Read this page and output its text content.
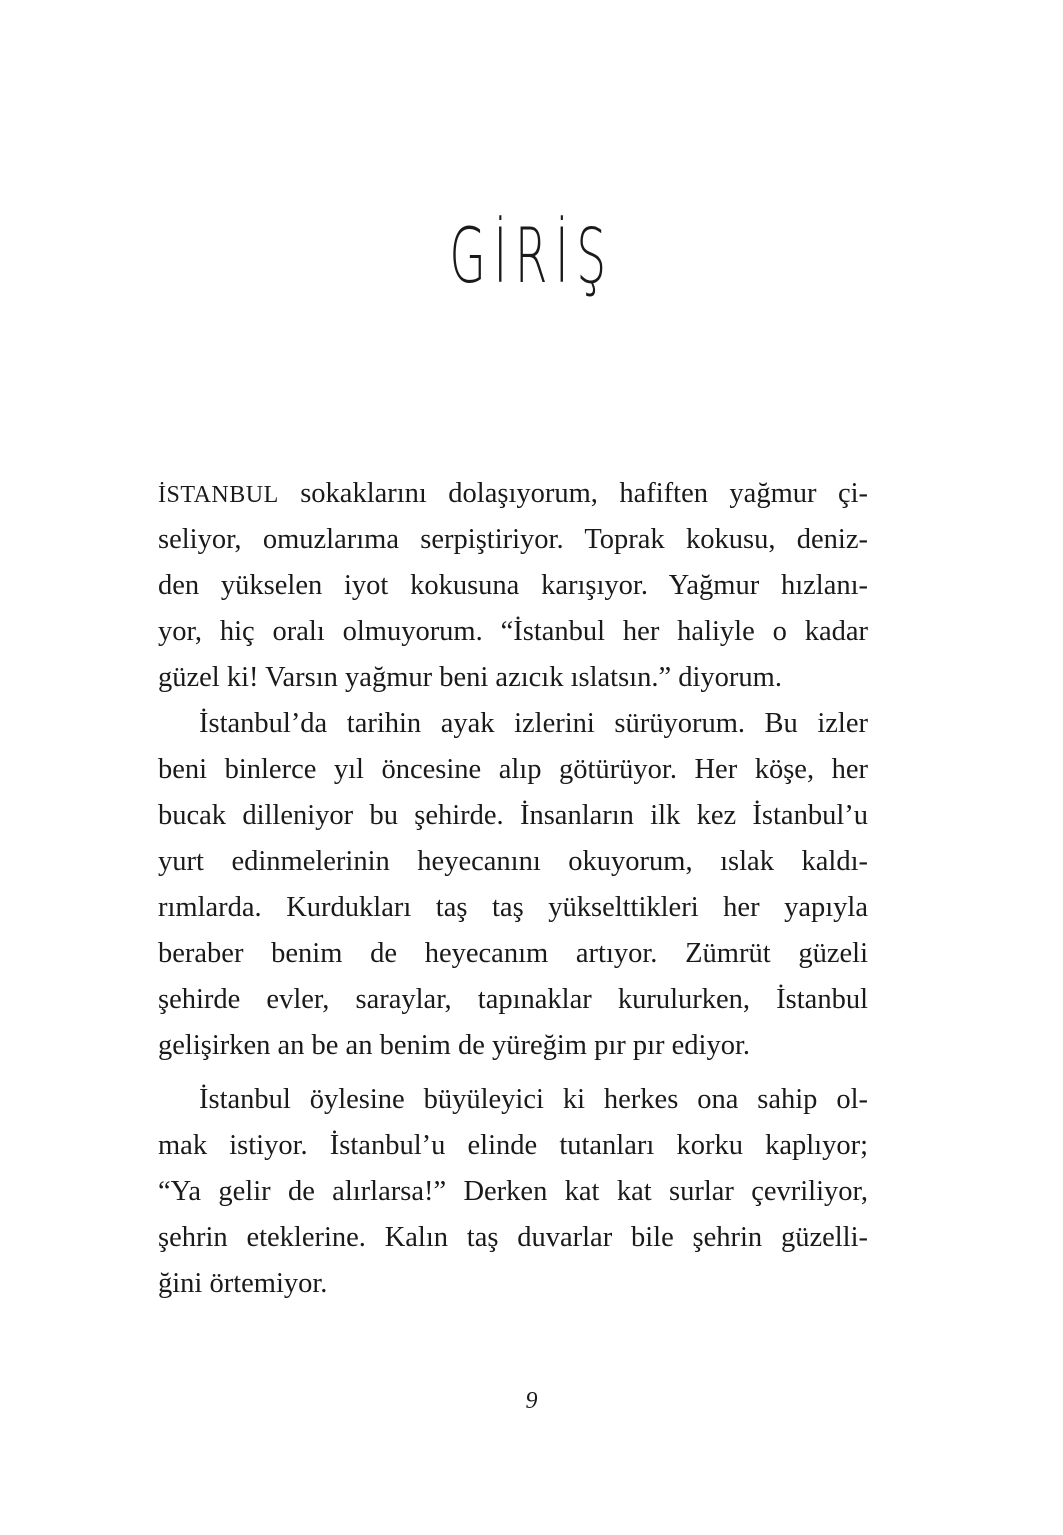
GİRİŞ
İSTANBUL sokaklarını dolaşıyorum, hafiften yağmur çi-
seliyor, omuzlarıma serpiştiriyor. Toprak kokusu, deniz-
den yükselen iyot kokusuna karışıyor. Yağmur hızlanı-
yor, hiç oralı olmuyorum. “İstanbul her haliyle o kadar
güzel ki! Varsın yağmur beni azıcık ıslatsın.” diyorum.
İstanbul’da tarihin ayak izlerini sürüyorum. Bu izler
beni binlerce yıl öncesine alıp götürüyor. Her köşe, her
bucak dilleniyor bu şehirde. İnsanların ilk kez İstanbul’u
yurt edinmelerinin heyecanını okuyorum, ıslak kaldı-
rımlarda. Kurdukları taş taş yükselttikleri her yapıyla
beraber benim de heyecanım artıyor. Zümrüt güzeli
şehirde evler, saraylar, tapınaklar kurulurken, İstanbul
gelişirken an be an benim de yüreğim pır pır ediyor.
İstanbul öylesine büyüleyici ki herkes ona sahip ol-
mak istiyor. İstanbul’u elinde tutanları korku kaplıyor;
“Ya gelir de alırlarsa!” Derken kat kat surlar çevriliyor,
şehrin eteklerine. Kalın taş duvarlar bile şehrin güzelli-
ğini örtemiyor.
9
